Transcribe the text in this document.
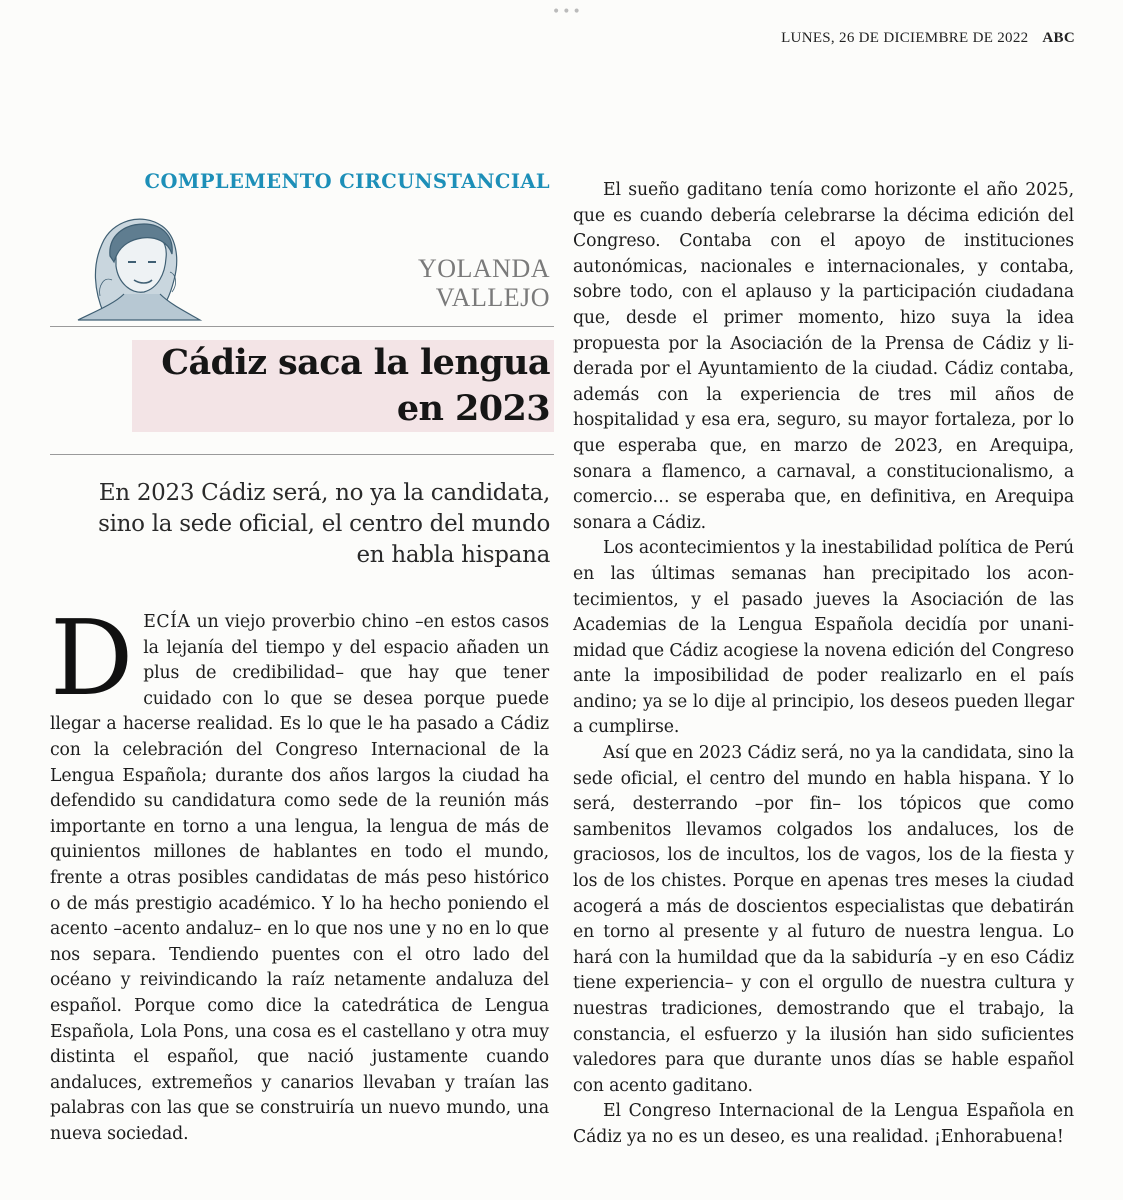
•••
LUNES, 26 DE DICIEMBRE DE 2022 ABC
COMPLEMENTO CIRCUNSTANCIAL
YOLANDA
VALLEJO
Cádiz saca la lengua
en 2023
En 2023 Cádiz será, no ya la candidata, sino la sede oficial, el centro del mundo en habla hispana

DECÍA un viejo proverbio chino –en estos casos la lejanía del tiempo y del espacio añaden un plus de credibilidad– que hay que tener cuidado con lo que se desea porque puede llegar a hacerse realidad. Es lo que le ha pasado a Cádiz con la celebración del Congreso Internacional de la Lengua Española; durante dos años largos la ciudad ha defendido su candidatura como sede de la reunión más importante en torno a una lengua, la lengua de más de quinientos millones de hablantes en todo el mundo, frente a otras posibles candidatas de más peso histórico o de más prestigio académico. Y lo ha hecho poniendo el acento –acento andaluz– en lo que nos une y no en lo que nos separa. Tendiendo puentes con el otro lado del océano y reivindicando la raíz netamente andaluza del español. Porque como dice la catedrática de Lengua Española, Lola Pons, una cosa es el castellano y otra muy distinta el español, que nació justamente cuando andaluces, extremeños y canarios llevaban y traían las palabras con las que se construiría un nuevo mundo, una nueva sociedad.

El sueño gaditano tenía como horizonte el año 2025, que es cuando debería celebrarse la décima edición del Congreso. Contaba con el apoyo de instituciones autonómicas, nacionales e internacionales, y contaba, sobre todo, con el aplauso y la participación ciudadana que, desde el primer momento, hizo suya la idea propuesta por la Asociación de la Prensa de Cádiz y liderada por el Ayuntamiento de la ciudad. Cádiz contaba, además con la experiencia de tres mil años de hospitalidad y esa era, seguro, su mayor fortaleza, por lo que esperaba que, en marzo de 2023, en Arequipa, sonara a flamenco, a carnaval, a constitucionalismo, a comercio… se esperaba que, en definitiva, en Arequipa sonara a Cádiz.

Los acontecimientos y la inestabilidad política de Perú en las últimas semanas han precipitado los acontecimientos, y el pasado jueves la Asociación de las Academias de la Lengua Española decidía por unanimidad que Cádiz acogiese la novena edición del Congreso ante la imposibilidad de poder realizarlo en el país andino; ya se lo dije al principio, los deseos pueden llegar a cumplirse.

Así que en 2023 Cádiz será, no ya la candidata, sino la sede oficial, el centro del mundo en habla hispana. Y lo será, desterrando –por fin– los tópicos que como sambenitos llevamos colgados los andaluces, los de graciosos, los de incultos, los de vagos, los de la fiesta y los de los chistes. Porque en apenas tres meses la ciudad acogerá a más de doscientos especialistas que debatirán en torno al presente y al futuro de nuestra lengua. Lo hará con la humildad que da la sabiduría –y en eso Cádiz tiene experiencia– y con el orgullo de nuestra cultura y nuestras tradiciones, demostrando que el trabajo, la constancia, el esfuerzo y la ilusión han sido suficientes valedores para que durante unos días se hable español con acento gaditano.

El Congreso Internacional de la Lengua Española en Cádiz ya no es un deseo, es una realidad. ¡Enhorabuena!
